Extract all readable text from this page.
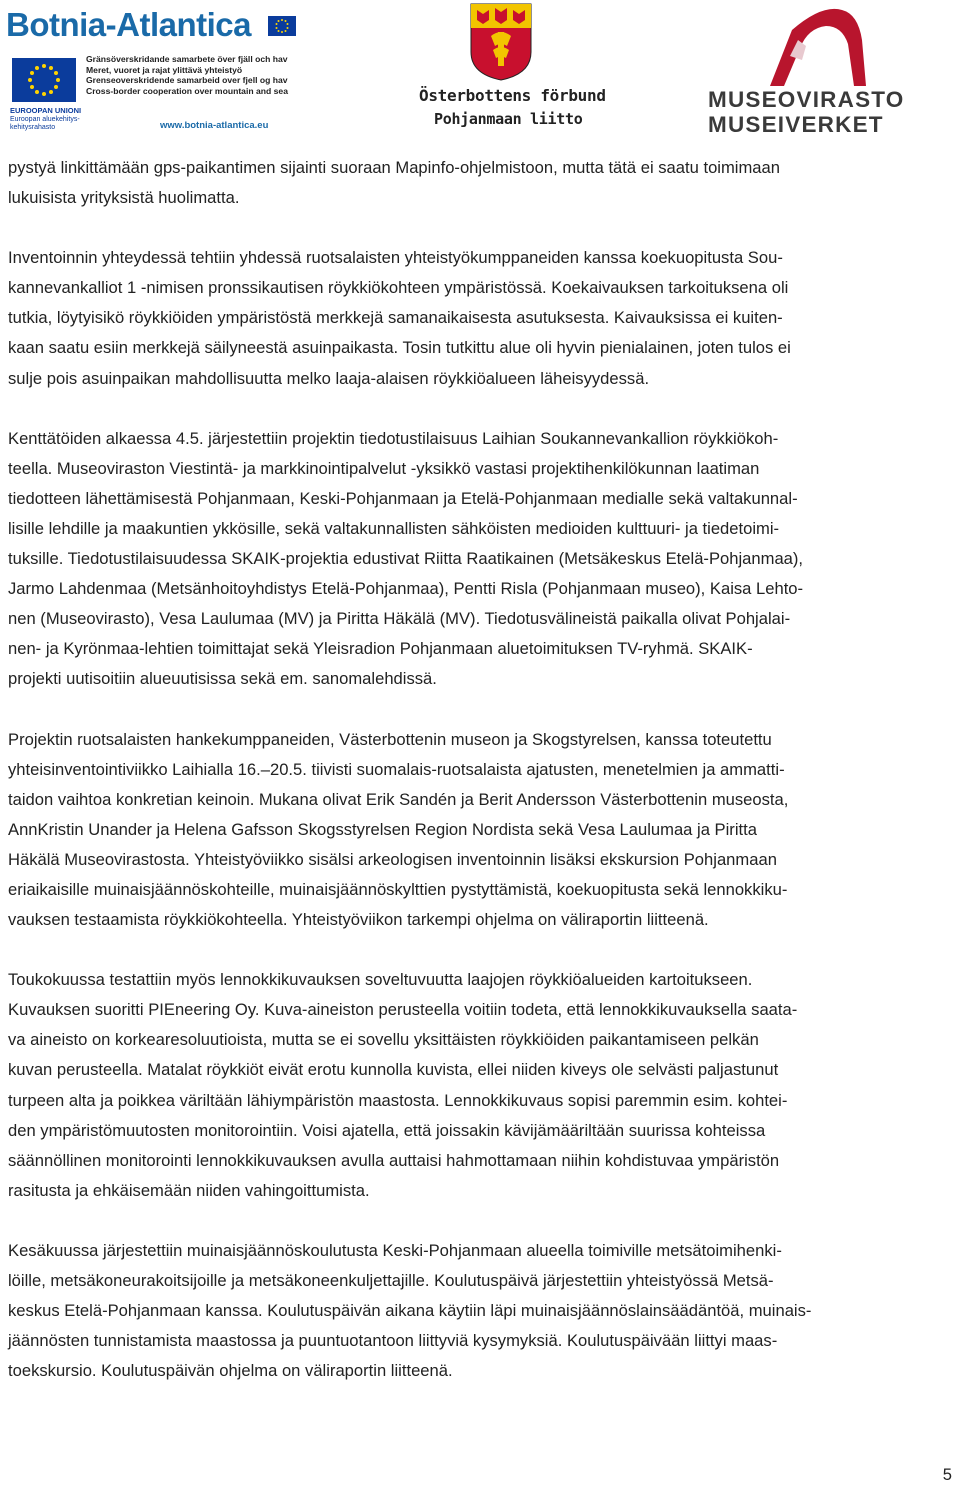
Botnia-Atlantica
EUROOPAN UNIONI
Euroopan aluekehitys-
kehitysrahasto
Gränsöverskridande samarbete över fjäll och hav
Meret, vuoret ja rajat ylittävä yhteistyö
Grenseoverskridende samarbeid over fjell og hav
Cross-border cooperation over mountain and sea
www.botnia-atlantica.eu
Österbottens förbund
Pohjanmaan liitto
MUSEOVIRASTO
MUSEIVERKET

pystyä linkittämään gps-paikantimen sijainti suoraan Mapinfo-ohjelmistoon, mutta tätä ei saatu toimimaan
lukuisista yrityksistä huolimatta.

Inventoinnin yhteydessä tehtiin yhdessä ruotsalaisten yhteistyökumppaneiden kanssa koekuopitusta Sou-
kannevankalliot 1 -nimisen pronssikautisen röykkiökohteen ympäristössä. Koekaivauksen tarkoituksena oli
tutkia, löytyisikö röykkiöiden ympäristöstä merkkejä samanaikaisesta asutuksesta. Kaivauksissa ei kuiten-
kaan saatu esiin merkkejä säilyneestä asuinpaikasta. Tosin tutkittu alue oli hyvin pienialainen, joten tulos ei
sulje pois asuinpaikan mahdollisuutta melko laaja-alaisen röykkiöalueen läheisyydessä.

Kenttätöiden alkaessa 4.5. järjestettiin projektin tiedotustilaisuus Laihian Soukannevankallion röykkiökoh-
teella. Museoviraston Viestintä- ja markkinointipalvelut -yksikkö vastasi projektihenkilökunnan laatiman
tiedotteen lähettämisestä Pohjanmaan, Keski-Pohjanmaan ja Etelä-Pohjanmaan medialle sekä valtakunnal-
lisille lehdille ja maakuntien ykkösille, sekä valtakunnallisten sähköisten medioiden kulttuuri- ja tiedetoimi-
tuksille. Tiedotustilaisuudessa SKAIK-projektia edustivat Riitta Raatikainen (Metsäkeskus Etelä-Pohjanmaa),
Jarmo Lahdenmaa (Metsänhoitoyhdistys Etelä-Pohjanmaa), Pentti Risla (Pohjanmaan museo), Kaisa Lehto-
nen (Museovirasto), Vesa Laulumaa (MV) ja Piritta Häkälä (MV). Tiedotusvälineistä paikalla olivat Pohjalai-
nen- ja Kyrönmaa-lehtien toimittajat sekä Yleisradion Pohjanmaan aluetoimituksen TV-ryhmä. SKAIK-
projekti uutisoitiin alueuutisissa sekä em. sanomalehdissä.

Projektin ruotsalaisten hankekumppaneiden, Västerbottenin museon ja Skogstyrelsen, kanssa toteutettu
yhteisinventointiviikko Laihialla 16.–20.5. tiivisti suomalais-ruotsalaista ajatusten, menetelmien ja ammatti-
taidon vaihtoa konkretian keinoin. Mukana olivat Erik Sandén ja Berit Andersson Västerbottenin museosta,
AnnKristin Unander ja Helena Gafsson Skogsstyrelsen Region Nordista sekä Vesa Laulumaa ja Piritta
Häkälä Museovirastosta. Yhteistyöviikko sisälsi arkeologisen inventoinnin lisäksi ekskursion Pohjanmaan
eriaikaisille muinaisjäännöskohteille, muinaisjäännöskylttien pystyttämistä, koekuopitusta sekä lennokkiku-
vauksen testaamista röykkiökohteella. Yhteistyöviikon tarkempi ohjelma on väliraportin liitteenä.

Toukokuussa testattiin myös lennokkikuvauksen soveltuvuutta laajojen röykkiöalueiden kartoitukseen.
Kuvauksen suoritti PIEneering Oy. Kuva-aineiston perusteella voitiin todeta, että lennokkikuvauksella saata-
va aineisto on korkearesoluutioista, mutta se ei sovellu yksittäisten röykkiöiden paikantamiseen pelkän
kuvan perusteella. Matalat röykkiöt eivät erotu kunnolla kuvista, ellei niiden kiveys ole selvästi paljastunut
turpeen alta ja poikkea väriltään lähiympäristön maastosta. Lennokkikuvaus sopisi paremmin esim. kohtei-
den ympäristömuutosten monitorointiin. Voisi ajatella, että joissakin kävijämääriltään suurissa kohteissa
säännöllinen monitorointi lennokkikuvauksen avulla auttaisi hahmottamaan niihin kohdistuvaa ympäristön
rasitusta ja ehkäisemään niiden vahingoittumista.

Kesäkuussa järjestettiin muinaisjäännöskoulutusta Keski-Pohjanmaan alueella toimiville metsätoimihenki-
löille, metsäkoneurakoitsijoille ja metsäkoneenkuljettajille. Koulutuspäivä järjestettiin yhteistyössä Metsä-
keskus Etelä-Pohjanmaan kanssa. Koulutuspäivän aikana käytiin läpi muinaisjäännöslainsäädäntöä, muinais-
jäännösten tunnistamista maastossa ja puuntuotantoon liittyviä kysymyksiä. Koulutuspäivään liittyi maas-
toekskursio. Koulutuspäivän ohjelma on väliraportin liitteenä.

5
